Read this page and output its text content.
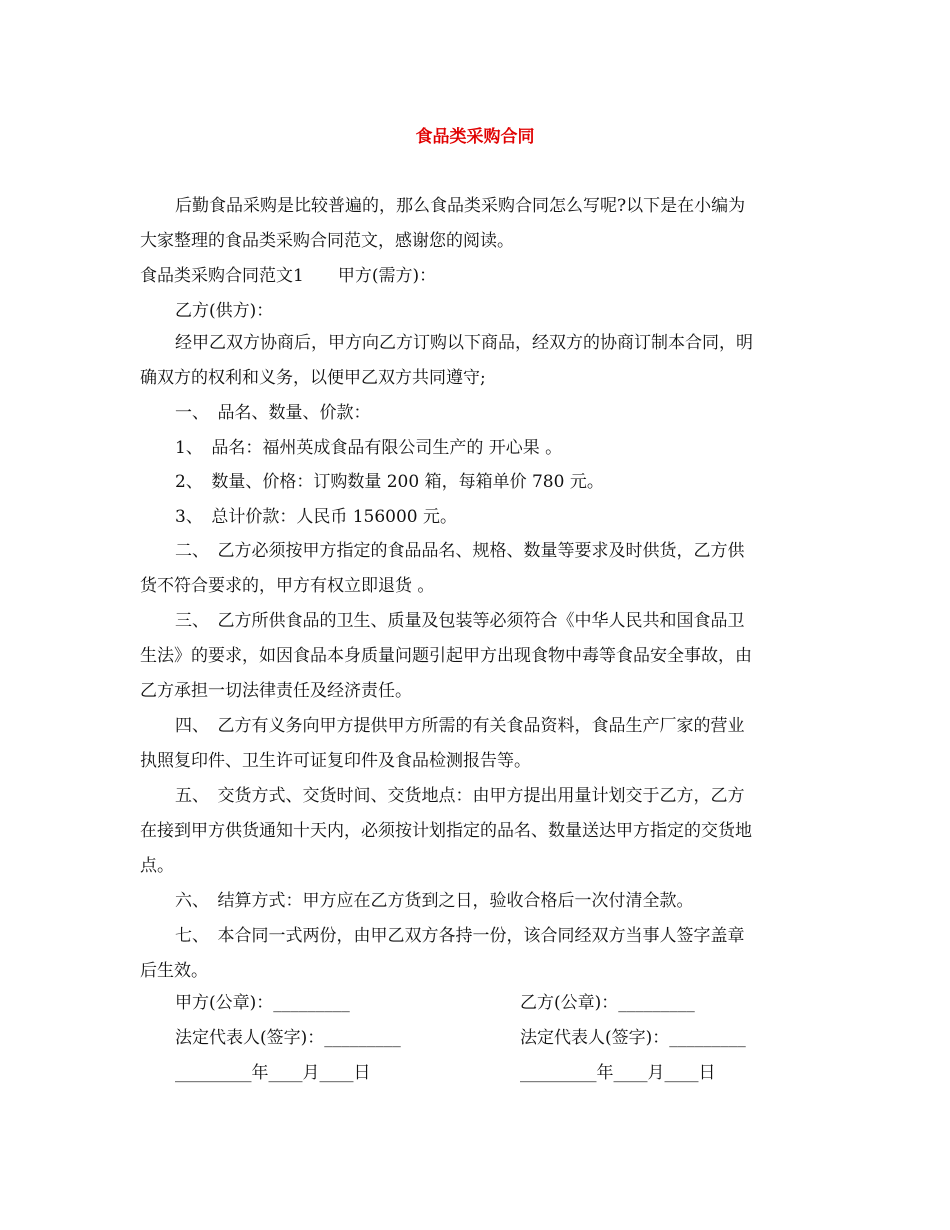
食品类采购合同
后勤食品采购是比较普遍的，那么食品类采购合同怎么写呢?以下是在小编为
大家整理的食品类采购合同范文，感谢您的阅读。
食品类采购合同范文1　　甲方(需方)：
乙方(供方)：
经甲乙双方协商后，甲方向乙方订购以下商品，经双方的协商订制本合同，明
确双方的权利和义务，以便甲乙双方共同遵守;
一、　品名、数量、价款：
1、　品名：福州英成食品有限公司生产的 开心果 。
2、　数量、价格：订购数量 200 箱，每箱单价 780 元。
3、　总计价款：人民币 156000 元。
二、　乙方必须按甲方指定的食品品名、规格、数量等要求及时供货，乙方供
货不符合要求的，甲方有权立即退货 。
三、　乙方所供食品的卫生、质量及包装等必须符合《中华人民共和国食品卫
生法》的要求，如因食品本身质量问题引起甲方出现食物中毒等食品安全事故，由
乙方承担一切法律责任及经济责任。
四、　乙方有义务向甲方提供甲方所需的有关食品资料，食品生产厂家的营业
执照复印件、卫生许可证复印件及食品检测报告等。
五、　交货方式、交货时间、交货地点：由甲方提出用量计划交于乙方，乙方
在接到甲方供货通知十天内，必须按计划指定的品名、数量送达甲方指定的交货地
点。
六、　结算方式：甲方应在乙方货到之日，验收合格后一次付清全款。
七、　本合同一式两份，由甲乙双方各持一份，该合同经双方当事人签字盖章
后生效。
甲方(公章)：_________	乙方(公章)：_________
法定代表人(签字)：_________	法定代表人(签字)：_________
_________年____月____日	_________年____月____日
